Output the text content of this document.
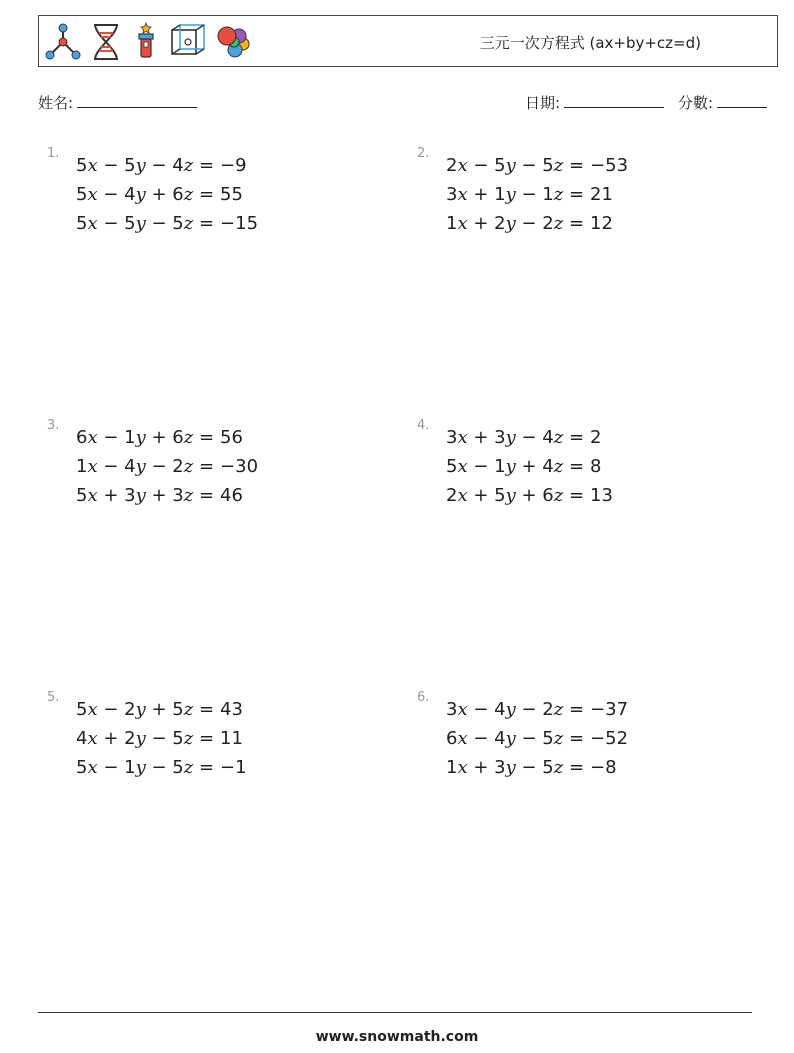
三元一次方程式 (ax+by+cz=d)
姓名:	日期:	分數:
1.
5x − 5y − 4z =	−9
5x − 4y + 6z =	55
5x − 5y − 5z =	−15
2.
2x − 5y − 5z =	−53
3x + 1y − 1z =	21
1x + 2y − 2z =	12
3.
6x − 1y + 6z =	56
1x − 4y − 2z =	−30
5x + 3y + 3z =	46
4.
3x + 3y − 4z =	2
5x − 1y + 4z =	8
2x + 5y + 6z =	13
5.
5x − 2y + 5z =	43
4x + 2y − 5z =	11
5x − 1y − 5z =	−1
6.
3x − 4y − 2z =	−37
6x − 4y − 5z =	−52
1x + 3y − 5z =	−8
www.snowmath.com
